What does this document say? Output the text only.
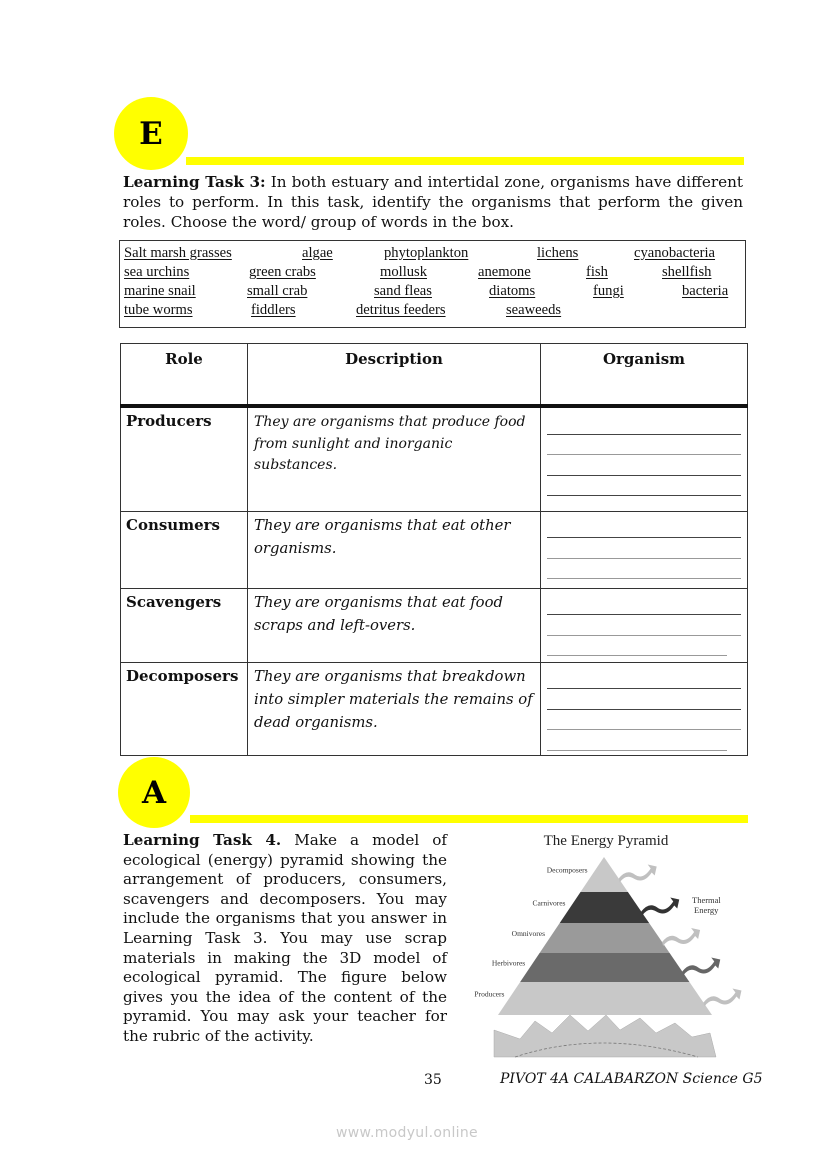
E
Learning Task 3: In both estuary and intertidal zone, organisms have different roles to perform. In this task, identify the organisms that perform the given roles. Choose the word/ group of words in the box.
Salt marsh grasses	algae	phytoplankton	lichens	cyanobacteria
sea urchins	green crabs	mollusk	anemone	fish	shellfish
marine snail	small crab	sand fleas	diatoms	fungi	bacteria
tube worms	fiddlers	detritus feeders	seaweeds
Role	Description	Organism
Producers	They are organisms that produce food from sunlight and inorganic substances.	

Consumers	They are organisms that eat other organisms.	

Scavengers	They are organisms that eat food scraps and left-overs.	

Decomposers	They are organisms that breakdown into simpler materials the remains of dead organisms.	
A
Learning Task 4. Make a model of ecological (energy) pyramid showing the arrangement of producers, consumers, scavengers and decomposers. You may include the organisms that you answer in Learning Task 3. You may use scrap materials in making the 3D model of ecological pyramid. The figure below gives you the idea of the content of the pyramid. You may ask your teacher for the rubric of the activity.
The Energy Pyramid
Decomposers
Carnivores
Omnivores
Herbivores
Producers
Thermal
Energy
35	PIVOT 4A CALABARZON Science G5
www.modyul.online
